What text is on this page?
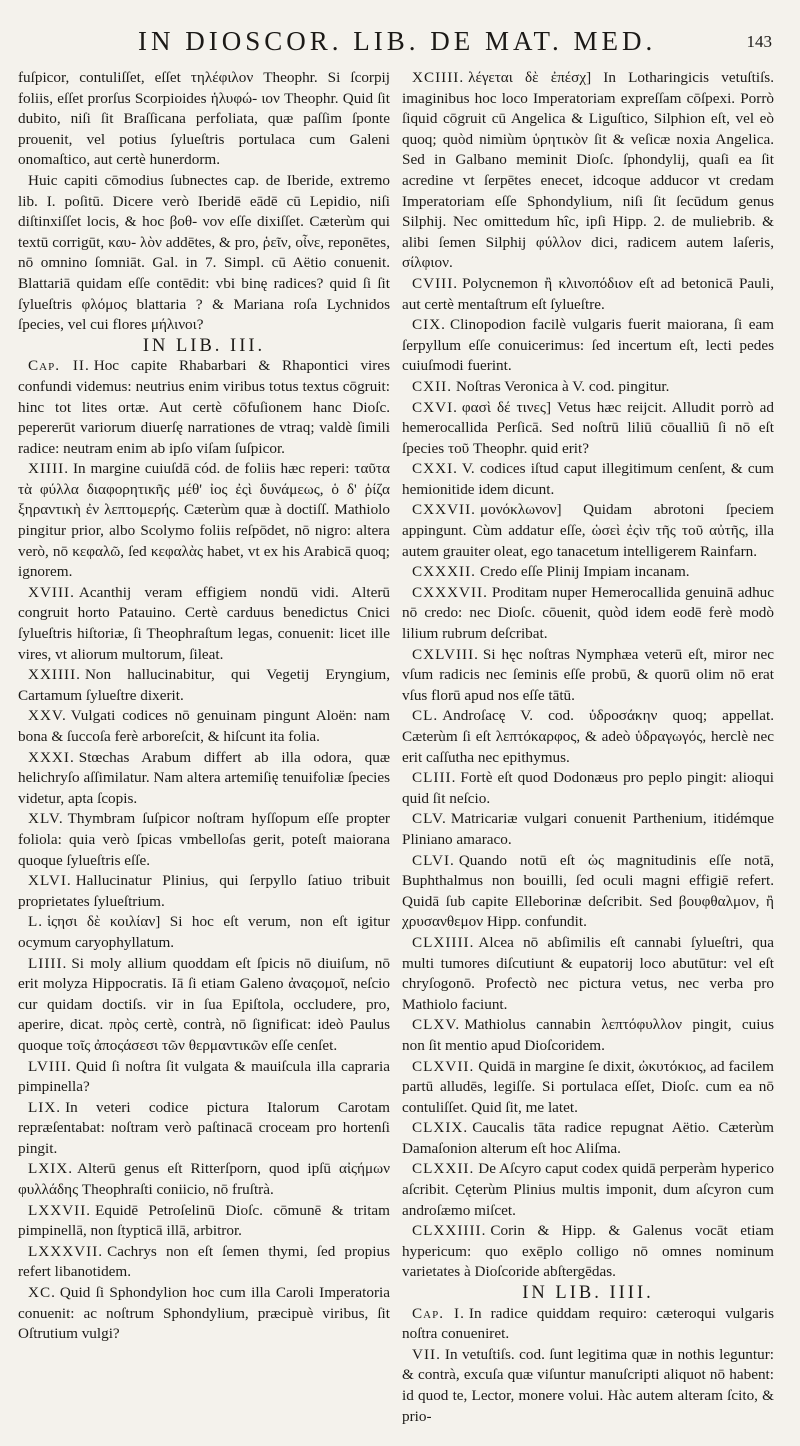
IN DIOSCOR. LIB. DE MAT. MED.	143

fuſpicor, contuliſſet, eſſet τηλέφιλον Theophr. Si ſcorpij foliis, eſſet prorſus Scorpioides ἡλυφώ- ιον Theophr. Quid ſit dubito, niſi ſit Braſſicana perfoliata, quæ paſſim ſponte prouenit, vel potius ſylueſtris portulaca cum Galeni onomaſtico, aut certè hunerdorm.

Huic capiti cōmodius ſubnectes cap. de Iberide, extremo lib. I. poſitū. Dicere verò Iberidē eādē cū Lepidio, niſi diſtinxiſſet locis, & hoc βοθ- νον eſſe dixiſſet. Cæterùm qui textū corrigūt, καυ- λὸν addētes, & pro, ῥεῖν, οἶνε, reponētes, nō omnino ſomniāt. Gal. in 7. Simpl. cū Aëtio conuenit. Blattariā quidam eſſe contēdit: vbi binę radices? quid ſi ſit ſylueſtris φλόμος blattaria ? & Mariana roſa Lychnidos ſpecies, vel cui flores μήλινοι?

IN LIB. III.

Cap. II. Hoc capite Rhabarbari & Rhapontici vires confundi videmus: neutrius enim viribus totus textus cōgruit: hinc tot lites ortæ. Aut certè cōfuſionem hanc Dioſc. pepererūt variorum diuerſę narrationes de vtraq; valdè ſimili radice: neutram enim ab ipſo viſam ſuſpicor.

XIIII. In margine cuiuſdā cód. de foliis hæc reperi: ταῦτα τὰ φύλλα διαφορητικῆς μέθ' ἰος ἐςὶ δυνάμεως, ὁ δ' ῥίζα ξηραντικὴ ἐν λεπτομερής. Cæterùm quæ à doctiſſ. Mathiolo pingitur prior, albo Scolymo foliis reſpōdet, nō nigro: altera verò, nō κεφαλῶ, ſed κεφαλὰς habet, vt ex his Arabicā quoq; ignorem.

XVIII. Acanthij veram effigiem nondū vidi. Alterū congruit horto Patauino. Certè carduus benedictus Cnici ſylueſtris hiſtoriæ, ſi Theophraſtum legas, conuenit: licet ille vires, vt aliorum multorum, ſileat.

XXIIII. Non hallucinabitur, qui Vegetij Eryngium, Cartamum ſylueſtre dixerit.

XXV. Vulgati codices nō genuinam pingunt Aloën: nam bona & ſuccoſa ferè arboreſcit, & hiſcunt ita folia.

XXXI. Stœchas Arabum differt ab illa odora, quæ helichryſo aſſimilatur. Nam altera artemiſię tenuifoliæ ſpecies videtur, apta ſcopis.

XLV. Thymbram ſuſpicor noſtram hyſſopum eſſe propter foliola: quia verò ſpicas vmbelloſas gerit, poteſt maiorana quoque ſylueſtris eſſe.

XLVI. Hallucinatur Plinius, qui ſerpyllo ſatiuo tribuit proprietates ſylueſtrium.

L. ἱςησι δὲ κοιλίαν] Si hoc eſt verum, non eſt igitur ocymum caryophyllatum.

LIIII. Si moly allium quoddam eſt ſpicis nō diuiſum, nō erit molyza Hippocratis. Iā ſi etiam Galeno ἀναςομοῖ, neſcio cur quidam doctiſs. vir in ſua Epiſtola, occludere, pro, aperire, dicat. πρὸς certè, contrà, nō ſignificat: ideò Paulus quoque τοῖς ἀποςάσεσι τῶν θερμαντικῶν eſſe cenſet.

LVIII. Quid ſi noſtra ſit vulgata & mauiſcula illa capraria pimpinella?

LIX. In veteri codice pictura Italorum Carotam repræſentabat: noſtram verò paſtinacā croceam pro hortenſi pingit.

LXIX. Alterū genus eſt Ritterſporn, quod ipſū αἰςήμων φυλλάδης Theophraſti coniicio, nō fruſtrà.

LXXVII. Equidē Petroſelinū Dioſc. cōmunē & tritam pimpinellā, non ſtypticā illā, arbitror.

LXXXVII. Cachrys non eſt ſemen thymi, ſed propius refert libanotidem.

XC. Quid ſi Sphondylion hoc cum illa Caroli Imperatoria conuenit: ac noſtrum Sphondylium, præcipuè viribus, ſit Oſtrutium vulgi?

XCIIII. λέγεται δὲ ἐπέσχ] In Lotharingicis vetuſtiſs. imaginibus hoc loco Imperatoriam expreſſam cōſpexi. Porrò ſiquid cōgruit cū Angelica & Liguſtico, Silphion eſt, vel eò quoq; quòd nimiùm ὑρητικὸν ſit & veſicæ noxia Angelica. Sed in Galbano meminit Dioſc. ſphondylij, quaſi ea ſit acredine vt ſerpētes enecet, idcoque adducor vt credam Imperatoriam eſſe Sphondylium, niſi ſit ſecūdum genus Silphij. Nec omittedum hîc, ipſi Hipp. 2. de muliebrib. & alibi ſemen Silphij φύλλον dici, radicem autem laſeris, σίλφιον.

CVIII. Polycnemon ἢ κλινοπόδιον eſt ad betonicā Pauli, aut certè mentaſtrum eſt ſylueſtre.

CIX. Clinopodion facilè vulgaris fuerit maiorana, ſi eam ſerpyllum eſſe conuicerimus: ſed incertum eſt, lecti pedes cuiuſmodi fuerint.

CXII. Noſtras Veronica à V. cod. pingitur.

CXVI. φασὶ δέ τινες] Vetus hæc reijcit. Alludit porrò ad hemerocallida Perſicā. Sed noſtrū liliū cōualliū ſi nō eſt ſpecies τοῦ Theophr. quid erit?

CXXI. V. codices iſtud caput illegitimum cenſent, & cum hemionitide idem dicunt.

CXXVII. μονόκλωνον] Quidam abrotoni ſpeciem appingunt. Cùm addatur eſſe, ὡσεὶ ἐςὶν τῆς τοῦ αὐτῆς, illa autem grauiter oleat, ego tanacetum intelligerem Rainfarn.

CXXXII. Credo eſſe Plinij Impiam incanam.

CXXXVII. Proditam nuper Hemerocallida genuinā adhuc nō credo: nec Dioſc. cōuenit, quòd idem eodē ferè modò lilium rubrum deſcribat.

CXLVIII. Si hęc noſtras Nymphæa veterū eſt, miror nec vſum radicis nec ſeminis eſſe probū, & quorū olim nō erat vſus florū apud nos eſſe tātū.

CL. Androſacę V. cod. ὑδροσάκην quoq; appellat. Cæterùm ſi eſt λεπτόκαρφος, & adeò ὑδραγωγός, herclè nec erit caſſutha nec epithymus.

CLIII. Fortè eſt quod Dodonæus pro peplo pingit: alioqui quid ſit neſcio.

CLV. Matricariæ vulgari conuenit Parthenium, itidémque Pliniano amaraco.

CLVI. Quando notū eſt ὡς magnitudinis eſſe notā, Buphthalmus non bouilli, ſed oculi magni effigiē refert. Quidā ſub capite Elleborinæ deſcribit. Sed βουφθαλμον, ἢ χρυσανθεμον Hipp. confundit.

CLXIIII. Alcea nō abſimilis eſt cannabi ſylueſtri, qua multi tumores diſcutiunt & eupatorij loco abutūtur: vel eſt chryſogonō. Profectò nec pictura vetus, nec verba pro Mathiolo faciunt.

CLXV. Mathiolus cannabin λεπτόφυλλον pingit, cuius non ſit mentio apud Dioſcoridem.

CLXVII. Quidā in margine ſe dixit, ὠκυτόκιος, ad facilem partū alludēs, legiſſe. Si portulaca eſſet, Dioſc. cum ea nō contuliſſet. Quid ſit, me latet.

CLXIX. Caucalis tāta radice repugnat Aëtio. Cæterùm Damaſonion alterum eſt hoc Aliſma.

CLXXII. De Aſcyro caput codex quidā perperàm hyperico aſcribit. Cęterùm Plinius multis imponit, dum aſcyron cum androſæmo miſcet.

CLXXIIII. Corin & Hipp. & Galenus vocāt etiam hypericum: quo exēplo colligo nō omnes nominum varietates à Dioſcoride abſtergēdas.

IN LIB. IIII.

Cap. I. In radice quiddam requiro: cæteroqui vulgaris noſtra conueniret.

VII. In vetuſtiſs. cod. ſunt legitima quæ in nothis leguntur: & contrà, excuſa quæ viſuntur manuſcripti aliquot nō habent: id quod te, Lector, monere volui. Hàc autem alteram ſcito, & prio-
